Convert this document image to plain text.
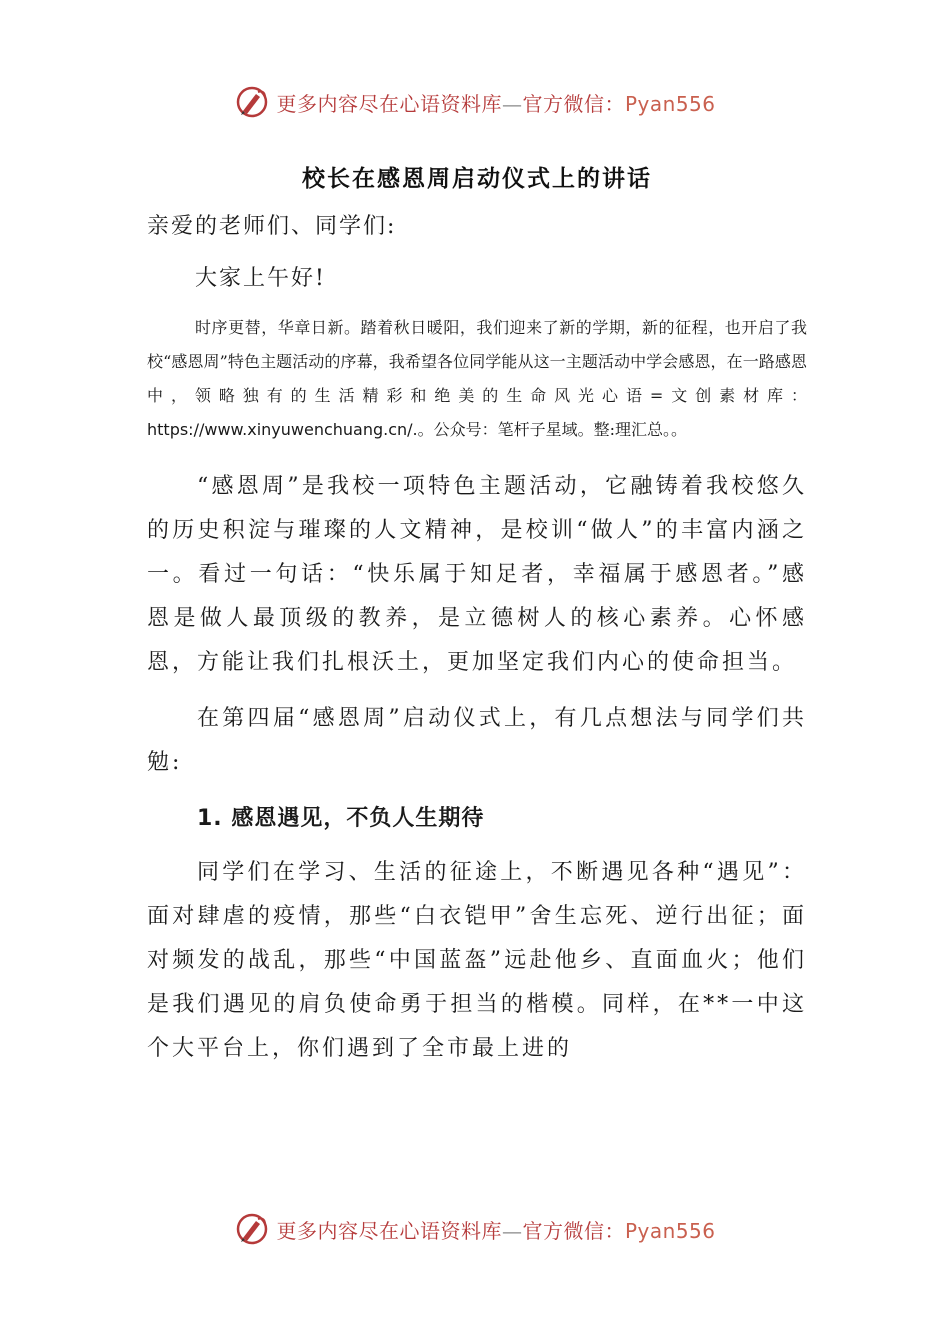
更多内容尽在心语资料库—官方微信：Pyan556
校长在感恩周启动仪式上的讲话
亲爱的老师们、同学们:
大家上午好!
时序更替，华章日新。踏着秋日暖阳，我们迎来了新的学期，新的征程，也开启了我校“感恩周”特色主题活动的序幕，我希望各位同学能从这一主题活动中学会感恩，在一路感恩中，领略独有的生活精彩和绝美的生命风光心语=文创素材库：https://www.xinyuwenchuang.cn/.。公众号：笔杆子星域。整:理汇总。。
“感恩周”是我校一项特色主题活动，它融铸着我校悠久的历史积淀与璀璨的人文精神，是校训“做人”的丰富内涵之一。看过一句话：“快乐属于知足者，幸福属于感恩者。”感恩是做人最顶级的教养，是立德树人的核心素养。心怀感恩，方能让我们扎根沃土，更加坚定我们内心的使命担当。
在第四届“感恩周”启动仪式上，有几点想法与同学们共勉:
1. 感恩遇见，不负人生期待
同学们在学习、生活的征途上，不断遇见各种“遇见”：面对肆虐的疫情，那些“白衣铠甲”舍生忘死、逆行出征；面对频发的战乱，那些“中国蓝盔”远赴他乡、直面血火；他们是我们遇见的肩负使命勇于担当的楷模。同样，在**一中这个大平台上，你们遇到了全市最上进的
更多内容尽在心语资料库—官方微信：Pyan556
